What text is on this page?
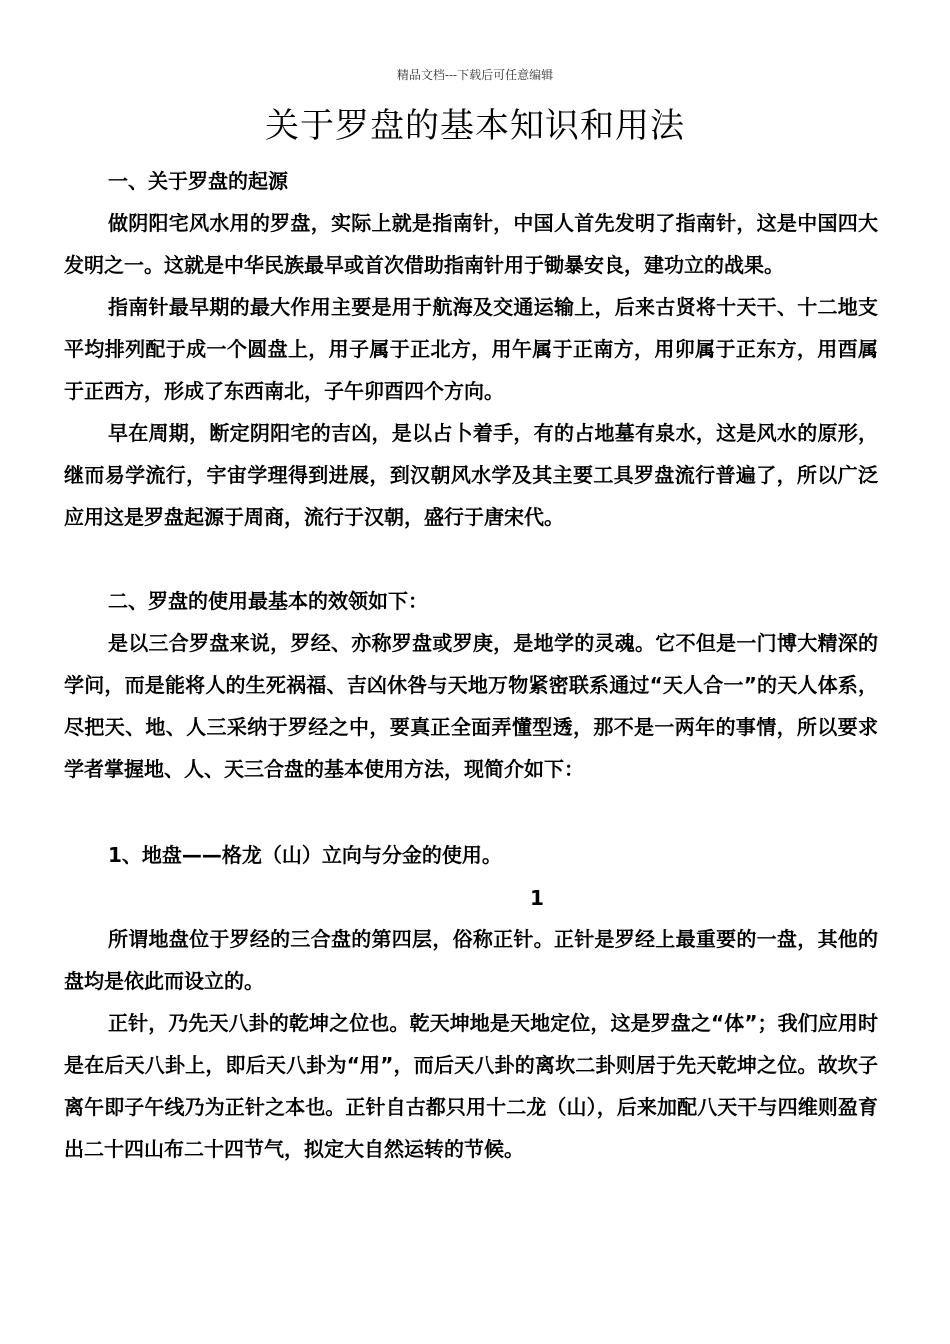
精品文档---下载后可任意编辑
关于罗盘的基本知识和用法
一、关于罗盘的起源

做阴阳宅风水用的罗盘，实际上就是指南针，中国人首先发明了指南针，这是中国四大发明之一。这就是中华民族最早或首次借助指南针用于锄暴安良，建功立的战果。

指南针最早期的最大作用主要是用于航海及交通运输上，后来古贤将十天干、十二地支平均排列配于成一个圆盘上，用子属于正北方，用午属于正南方，用卯属于正东方，用酉属于正西方，形成了东西南北，子午卯酉四个方向。

早在周期，断定阴阳宅的吉凶，是以占卜着手，有的占地墓有泉水，这是风水的原形，继而易学流行，宇宙学理得到进展，到汉朝风水学及其主要工具罗盘流行普遍了，所以广泛应用这是罗盘起源于周商，流行于汉朝，盛行于唐宋代。

二、罗盘的使用最基本的效领如下：

是以三合罗盘来说，罗经、亦称罗盘或罗庚，是地学的灵魂。它不但是一门博大精深的学问，而是能将人的生死祸福、吉凶休咎与天地万物紧密联系通过“天人合一”的天人体系，尽把天、地、人三采纳于罗经之中，要真正全面弄懂型透，那不是一两年的事情，所以要求学者掌握地、人、天三合盘的基本使用方法，现简介如下：

1、地盘——格龙（山）立向与分金的使用。
1

所谓地盘位于罗经的三合盘的第四层，俗称正针。正针是罗经上最重要的一盘，其他的盘均是依此而设立的。

正针，乃先天八卦的乾坤之位也。乾天坤地是天地定位，这是罗盘之“体”；我们应用时是在后天八卦上，即后天八卦为“用”，而后天八卦的离坎二卦则居于先天乾坤之位。故坎子离午即子午线乃为正针之本也。正针自古都只用十二龙（山），后来加配八天干与四维则盈育出二十四山布二十四节气，拟定大自然运转的节候。
